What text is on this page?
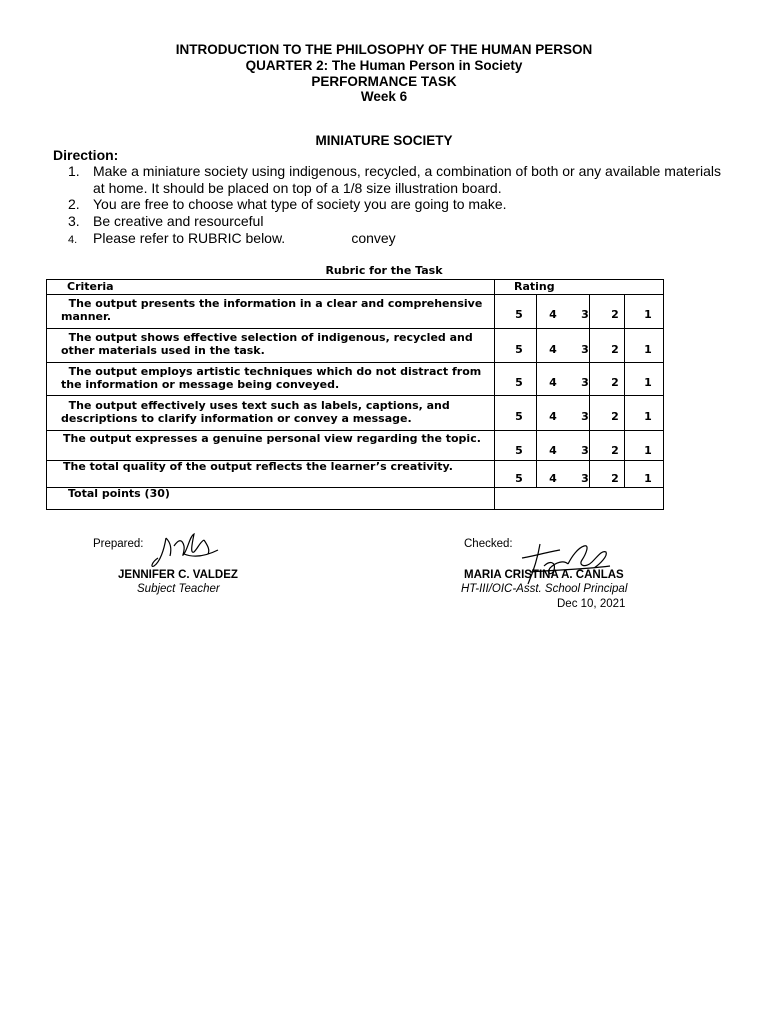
INTRODUCTION TO THE PHILOSOPHY OF THE HUMAN PERSON
QUARTER 2: The Human Person in Society
PERFORMANCE TASK
Week 6
MINIATURE SOCIETY
Direction:
1. Make a miniature society using indigenous, recycled, a combination of both or any available materials at home. It should be placed on top of a 1/8 size illustration board.
2. You are free to choose what type of society you are going to make.
3. Be creative and resourceful
4. Please refer to RUBRIC below.                 convey
Rubric for the Task
Criteria	Rating
The output presents the information in a clear and comprehensive
manner.	5	4	3	2	1
The output shows effective selection of indigenous, recycled and
other materials used in the task.	5	4	3	2	1
The output employs artistic techniques which do not distract from
the information or message being conveyed.	5	4	3	2	1
The output effectively uses text such as labels, captions, and
descriptions to clarify information or convey a message.	5	4	3	2	1
The output expresses a genuine personal view regarding the topic.
5	4	3	2	1
The total quality of the output reflects the learner’s creativity.
5	4	3	2	1
Total points (30)
Prepared:
JENNIFER C. VALDEZ
Subject Teacher
Checked:
MARIA CRISTINA A. CANLAS
HT-III/OIC-Asst. School Principal
Dec 10, 2021
